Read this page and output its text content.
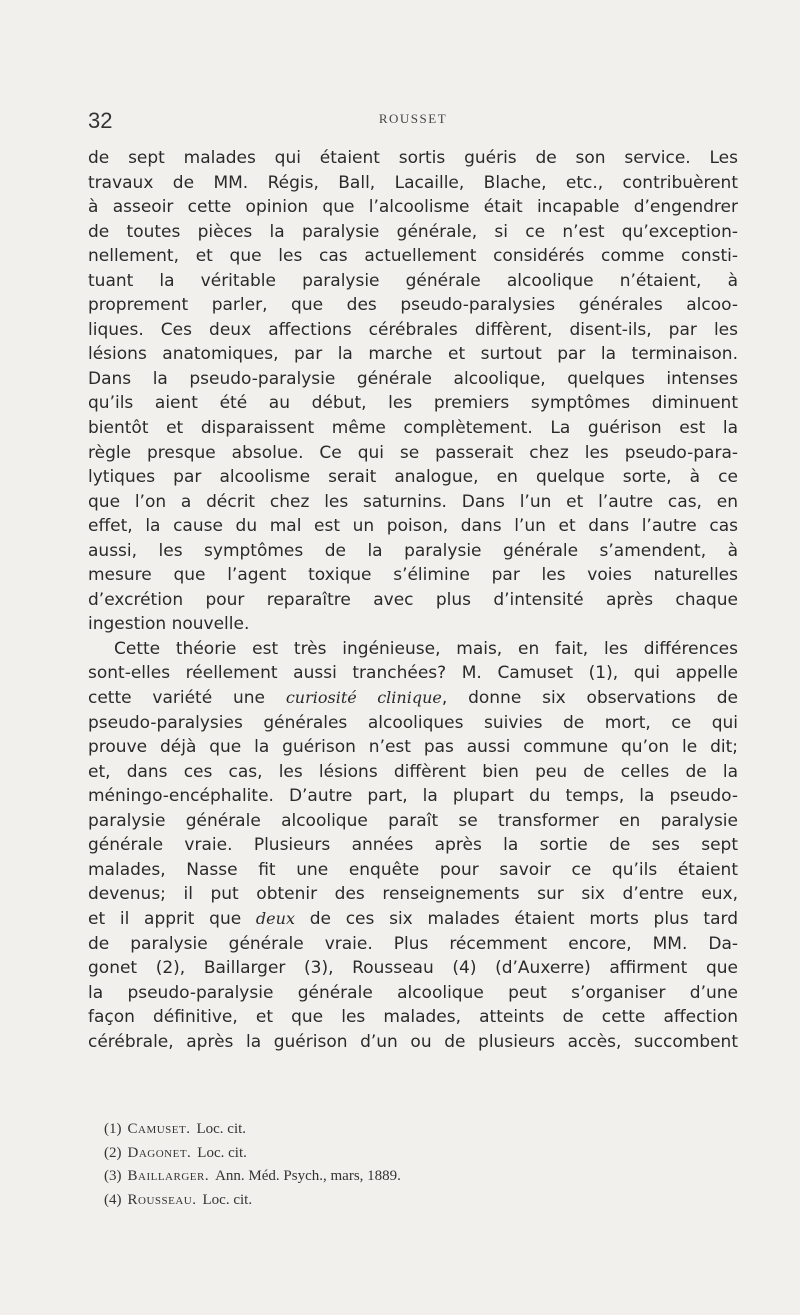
32	ROUSSET
de sept malades qui étaient sortis guéris de son service. Les
travaux de MM. Régis, Ball, Lacaille, Blache, etc., contribuèrent
à asseoir cette opinion que l’alcoolisme était incapable d’engendrer
de toutes pièces la paralysie générale, si ce n’est qu’exception-
nellement, et que les cas actuellement considérés comme consti-
tuant la véritable paralysie générale alcoolique n’étaient, à
proprement parler, que des pseudo-paralysies générales alcoo-
liques. Ces deux affections cérébrales diffèrent, disent-ils, par les
lésions anatomiques, par la marche et surtout par la terminaison.
Dans la pseudo-paralysie générale alcoolique, quelques intenses
qu’ils aient été au début, les premiers symptômes diminuent
bientôt et disparaissent même complètement. La guérison est la
règle presque absolue. Ce qui se passerait chez les pseudo-para-
lytiques par alcoolisme serait analogue, en quelque sorte, à ce
que l’on a décrit chez les saturnins. Dans l’un et l’autre cas, en
effet, la cause du mal est un poison, dans l’un et dans l’autre cas
aussi, les symptômes de la paralysie générale s’amendent, à
mesure que l’agent toxique s’élimine par les voies naturelles
d’excrétion pour reparaître avec plus d’intensité après chaque
ingestion nouvelle.
Cette théorie est très ingénieuse, mais, en fait, les différences
sont-elles réellement aussi tranchées? M. Camuset (1), qui appelle
cette variété une curiosité clinique, donne six observations de
pseudo-paralysies générales alcooliques suivies de mort, ce qui
prouve déjà que la guérison n’est pas aussi commune qu’on le dit;
et, dans ces cas, les lésions diffèrent bien peu de celles de la
méningo-encéphalite. D’autre part, la plupart du temps, la pseudo-
paralysie générale alcoolique paraît se transformer en paralysie
générale vraie. Plusieurs années après la sortie de ses sept
malades, Nasse fit une enquête pour savoir ce qu’ils étaient
devenus; il put obtenir des renseignements sur six d’entre eux,
et il apprit que deux de ces six malades étaient morts plus tard
de paralysie générale vraie. Plus récemment encore, MM. Da-
gonet (2), Baillarger (3), Rousseau (4) (d’Auxerre) affirment que
la pseudo-paralysie générale alcoolique peut s’organiser d’une
façon définitive, et que les malades, atteints de cette affection
cérébrale, après la guérison d’un ou de plusieurs accès, succombent
(1) Camuset. Loc. cit.
(2) Dagonet. Loc. cit.
(3) Baillarger. Ann. Méd. Psych., mars, 1889.
(4) Rousseau. Loc. cit.
